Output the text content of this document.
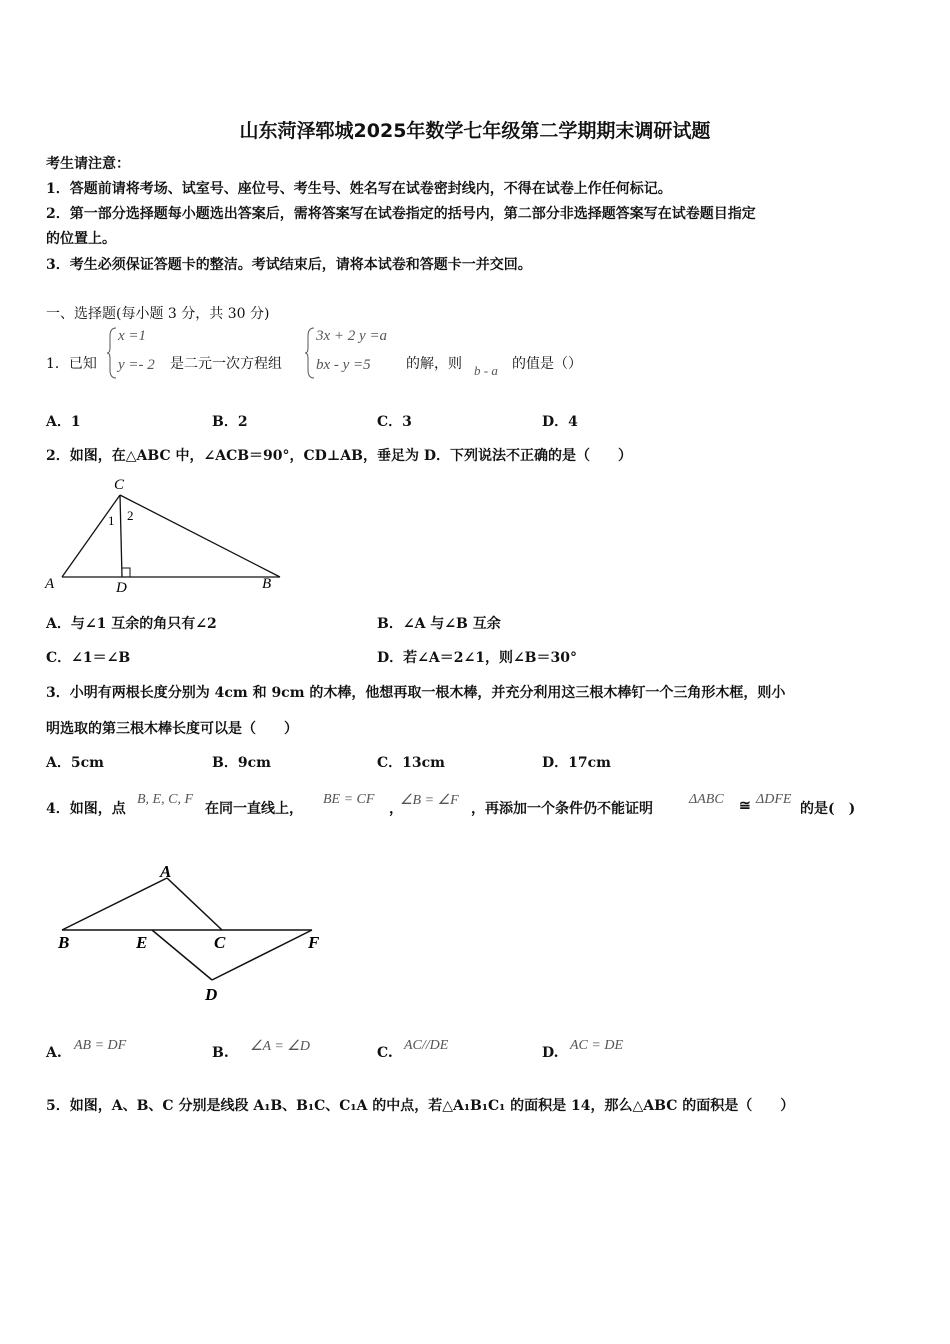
山东菏泽郓城2025年数学七年级第二学期期末调研试题
考生请注意：
1．答题前请将考场、试室号、座位号、考生号、姓名写在试卷密封线内，不得在试卷上作任何标记。
2．第一部分选择题每小题选出答案后，需将答案写在试卷指定的括号内，第二部分非选择题答案写在试卷题目指定
的位置上。
3．考生必须保证答题卡的整洁。考试结束后，请将本试卷和答题卡一并交回。
一、选择题(每小题 3 分，共 30 分)
1．已知
x =1
y =- 2 是二元一次方程组
3x + 2 y =a
bx - y =5	的解，则 b - a 的值是（）
A．1	B．2	C．3	D．4
2．如图，在△ABC 中，∠ACB＝90°，CD⊥AB，垂足为 D．下列说法不正确的是（　　）
C
A	B
D
1 2
A．与∠1 互余的角只有∠2	B．∠A 与∠B 互余
C．∠1＝∠B	D．若∠A＝2∠1，则∠B＝30°
3．小明有两根长度分别为 4cm 和 9cm 的木棒，他想再取一根木棒，并充分利用这三根木棒钉一个三角形木框，则小
明选取的第三根木棒长度可以是（　　）
A．5cm	B．9cm	C．13cm	D．17cm
4．如图，点
B, E, C, F
在同一直线上，
BE = CF
，
∠B = ∠F
，再添加一个条件仍不能证明
ΔABC ≅ ΔDFE
的是(　)
A
B	E	C	F
D
A. AB = DF	B. ∠A = ∠D	C. AC//DE	D. AC = DE
5．如图，A、B、C 分别是线段 A₁B、B₁C、C₁A 的中点，若△A₁B₁C₁ 的面积是 14，那么△ABC 的面积是（　　）
